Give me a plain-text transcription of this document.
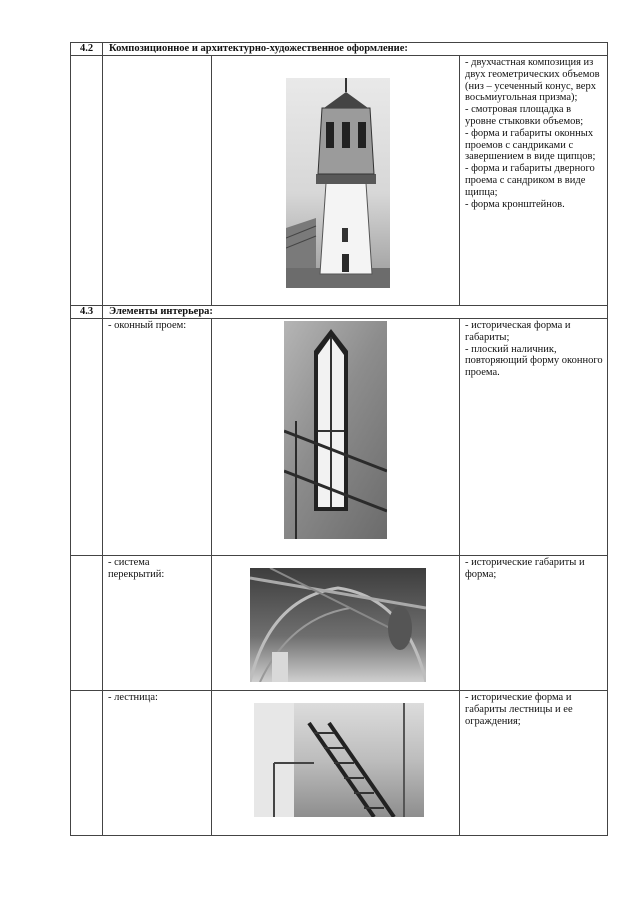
4.2	Композиционное и архитектурно-художественное оформление:		

- двухчастная композиция из двух геометрических объемов (низ – усеченный конус, верх восьмиугольная призма);
- смотровая площадка в уровне стыковки объемов;
- форма и габариты оконных проемов с сандриками с завершением в виде щипцов;
- форма и габариты дверного проема с сандриком в виде щипца;
- форма кронштейнов.

4.3	Элементы интерьера:		
	- оконный проем:		- историческая форма и габариты;
- плоский наличник, повторяющий форму оконного проема.

	- система перекрытий:		- исторические габариты и форма;

	- лестница:		- исторические форма и габариты лестницы и ее ограждения;
